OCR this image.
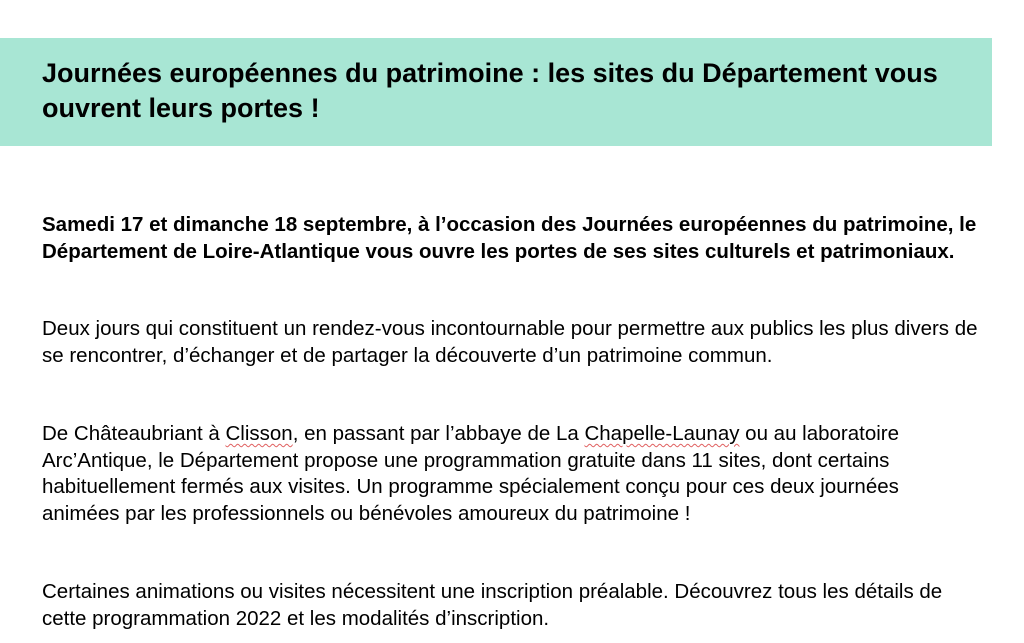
Journées européennes du patrimoine : les sites du Département vous ouvrent leurs portes !

Samedi 17 et dimanche 18 septembre, à l’occasion des Journées européennes du patrimoine, le Département de Loire-Atlantique vous ouvre les portes de ses sites culturels et patrimoniaux.

Deux jours qui constituent un rendez-vous incontournable pour permettre aux publics les plus divers de se rencontrer, d’échanger et de partager la découverte d’un patrimoine commun.

De Châteaubriant à Clisson, en passant par l’abbaye de La Chapelle-Launay ou au laboratoire Arc’Antique, le Département propose une programmation gratuite dans 11 sites, dont certains habituellement fermés aux visites. Un programme spécialement conçu pour ces deux journées animées par les professionnels ou bénévoles amoureux du patrimoine !

Certaines animations ou visites nécessitent une inscription préalable. Découvrez tous les détails de cette programmation 2022 et les modalités d’inscription.
